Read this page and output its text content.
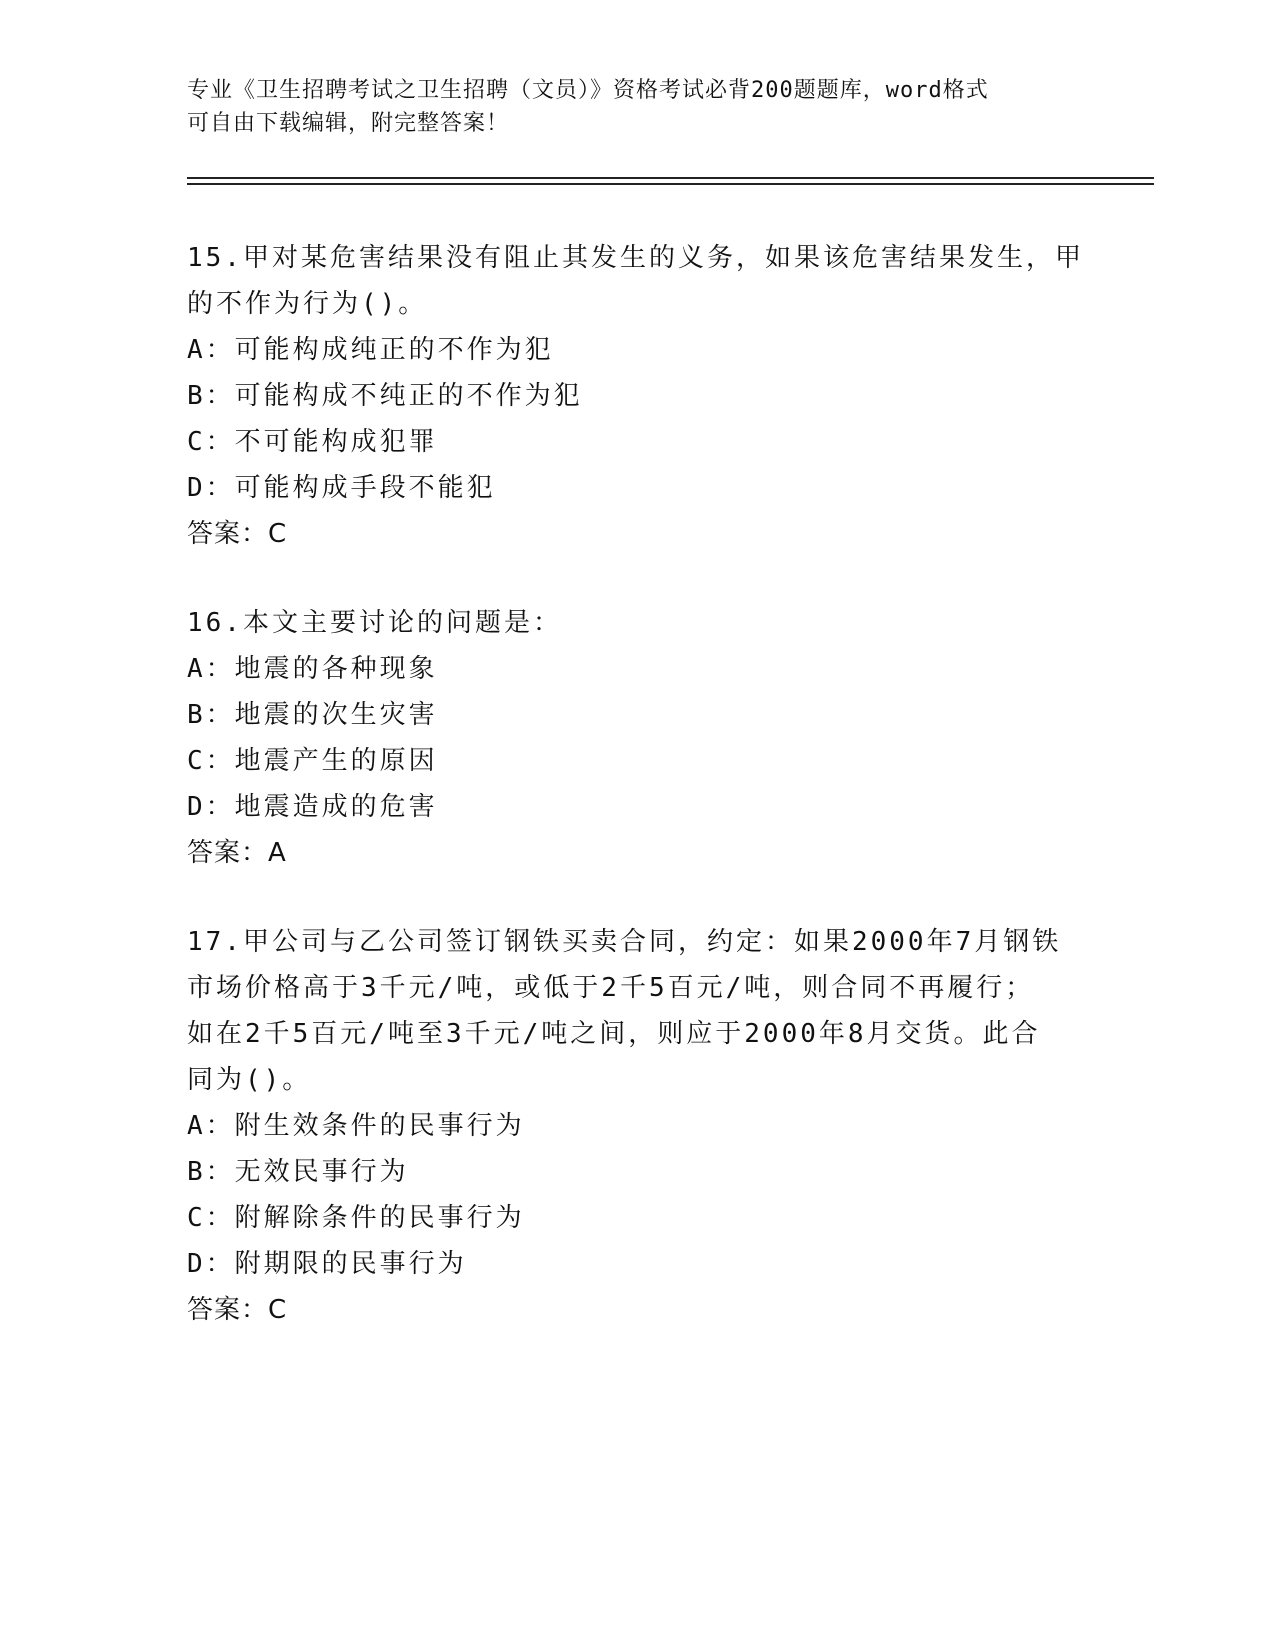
专业《卫生招聘考试之卫生招聘（文员）》资格考试必背200题题库，word格式
可自由下载编辑，附完整答案！
15.甲对某危害结果没有阻止其发生的义务，如果该危害结果发生，甲
的不作为行为()。
A：可能构成纯正的不作为犯
B：可能构成不纯正的不作为犯
C：不可能构成犯罪
D：可能构成手段不能犯
答案：C
16.本文主要讨论的问题是：
A：地震的各种现象
B：地震的次生灾害
C：地震产生的原因
D：地震造成的危害
答案：A
17.甲公司与乙公司签订钢铁买卖合同，约定：如果2000年7月钢铁
市场价格高于3千元/吨，或低于2千5百元/吨，则合同不再履行；
如在2千5百元/吨至3千元/吨之间，则应于2000年8月交货。此合
同为()。
A：附生效条件的民事行为
B：无效民事行为
C：附解除条件的民事行为
D：附期限的民事行为
答案：C
